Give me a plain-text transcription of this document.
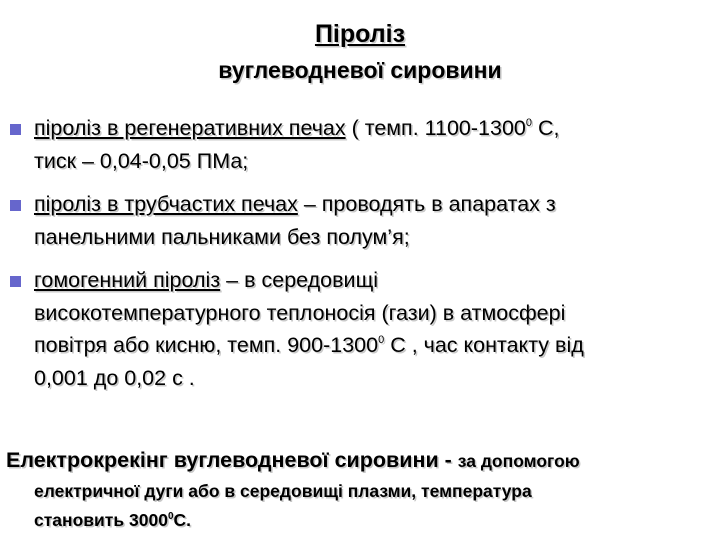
Піроліз
вуглеводневої сировини
піроліз в регенеративних печах ( темп. 1100-1300$^0$ С,
тиск – 0,04-0,05 ПМа;
піроліз в трубчастих печах – проводять в апаратах з
панельними пальниками без полум’я;
гомогенний піроліз – в середовищі
високотемпературного теплоносія (гази) в атмосфері
повітря або кисню, темп. 900-1300$^0$ С , час контакту від
0,001 до 0,02 с .
Електрокрекінг вуглеводневої сировини - за допомогою
електричної дуги або в середовищі плазми, температура
становить 3000$^0$С.
